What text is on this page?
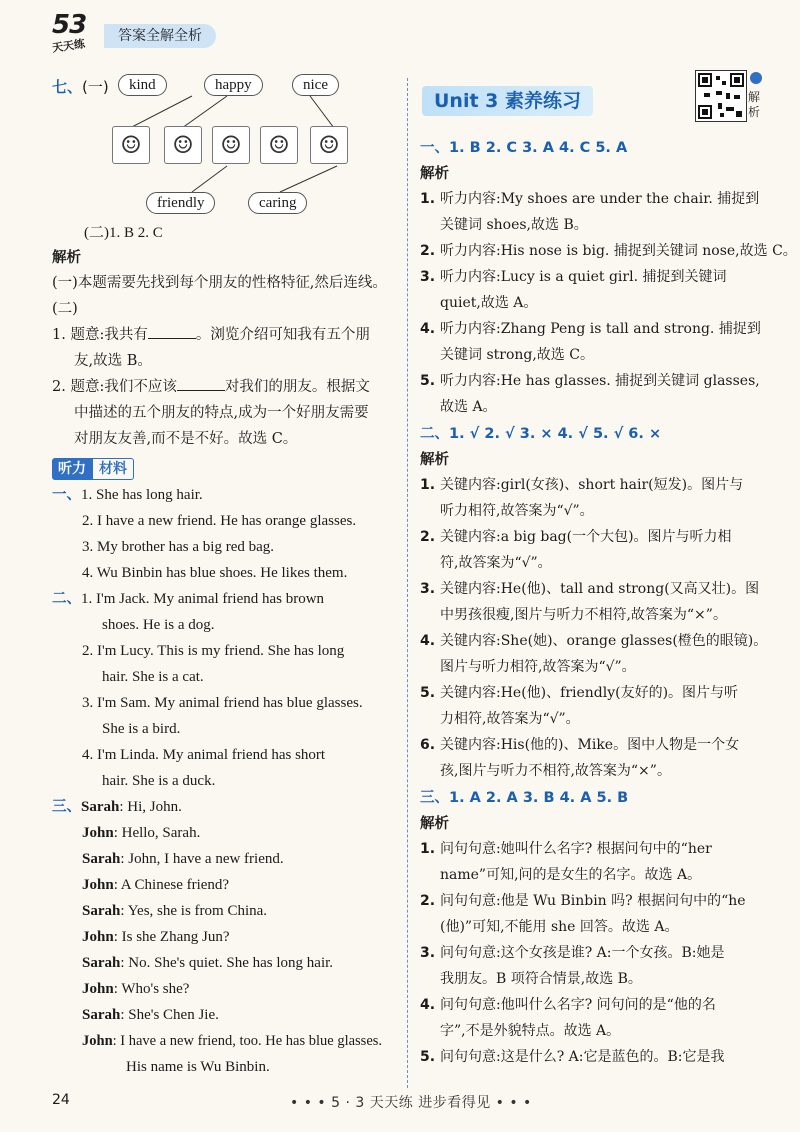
53
天天练
答案全解全析
七、(一)	kind	happy	nice
☺	☺	☺	☺	☺
friendly	caring
(二)1. B 2. C
解析
(一)本题需要先找到每个朋友的性格特征,然后连线。
(二)
1. 题意:我共有	。浏览介绍可知我有五个朋
友,故选 B。
2. 题意:我们不应该	对我们的朋友。根据文
中描述的五个朋友的特点,成为一个好朋友需要
对朋友友善,而不是不好。故选 C。
听力 材料
一、1. She has long hair.
2. I have a new friend. He has orange glasses.
3. My brother has a big red bag.
4. Wu Binbin has blue shoes. He likes them.
二、1. I'm Jack. My animal friend has brown
shoes. He is a dog.
2. I'm Lucy. This is my friend. She has long
hair. She is a cat.
3. I'm Sam. My animal friend has blue glasses.
She is a bird.
4. I'm Linda. My animal friend has short
hair. She is a duck.
三、Sarah: Hi, John.
John: Hello, Sarah.
Sarah: John, I have a new friend.
John: A Chinese friend?
Sarah: Yes, she is from China.
John: Is she Zhang Jun?
Sarah: No. She's quiet. She has long hair.
John: Who's she?
Sarah: She's Chen Jie.
John: I have a new friend, too. He has blue glasses.
His name is Wu Binbin.
Unit 3 素养练习	解析
一、1. B 2. C 3. A 4. C 5. A
解析
1. 听力内容:My shoes are under the chair. 捕捉到
关键词 shoes,故选 B。
2. 听力内容:His nose is big. 捕捉到关键词 nose,故选 C。
3. 听力内容:Lucy is a quiet girl. 捕捉到关键词
quiet,故选 A。
4. 听力内容:Zhang Peng is tall and strong. 捕捉到
关键词 strong,故选 C。
5. 听力内容:He has glasses. 捕捉到关键词 glasses,
故选 A。
二、1. √ 2. √ 3. × 4. √ 5. √ 6. ×
解析
1. 关键内容:girl(女孩)、short hair(短发)。图片与
听力相符,故答案为“√”。
2. 关键内容:a big bag(一个大包)。图片与听力相
符,故答案为“√”。
3. 关键内容:He(他)、tall and strong(又高又壮)。图
中男孩很瘦,图片与听力不相符,故答案为“×”。
4. 关键内容:She(她)、orange glasses(橙色的眼镜)。
图片与听力相符,故答案为“√”。
5. 关键内容:He(他)、friendly(友好的)。图片与听
力相符,故答案为“√”。
6. 关键内容:His(他的)、Mike。图中人物是一个女
孩,图片与听力不相符,故答案为“×”。
三、1. A 2. A 3. B 4. A 5. B
解析
1. 问句句意:她叫什么名字? 根据问句中的“her
name”可知,问的是女生的名字。故选 A。
2. 问句句意:他是 Wu Binbin 吗? 根据问句中的“he
(他)”可知,不能用 she 回答。故选 A。
3. 问句句意:这个女孩是谁? A:一个女孩。B:她是
我朋友。B 项符合情景,故选 B。
4. 问句句意:他叫什么名字? 问句问的是“他的名
字”,不是外貌特点。故选 A。
5. 问句句意:这是什么? A:它是蓝色的。B:它是我
24	• • • 5 · 3 天天练 进步看得见 • • •
